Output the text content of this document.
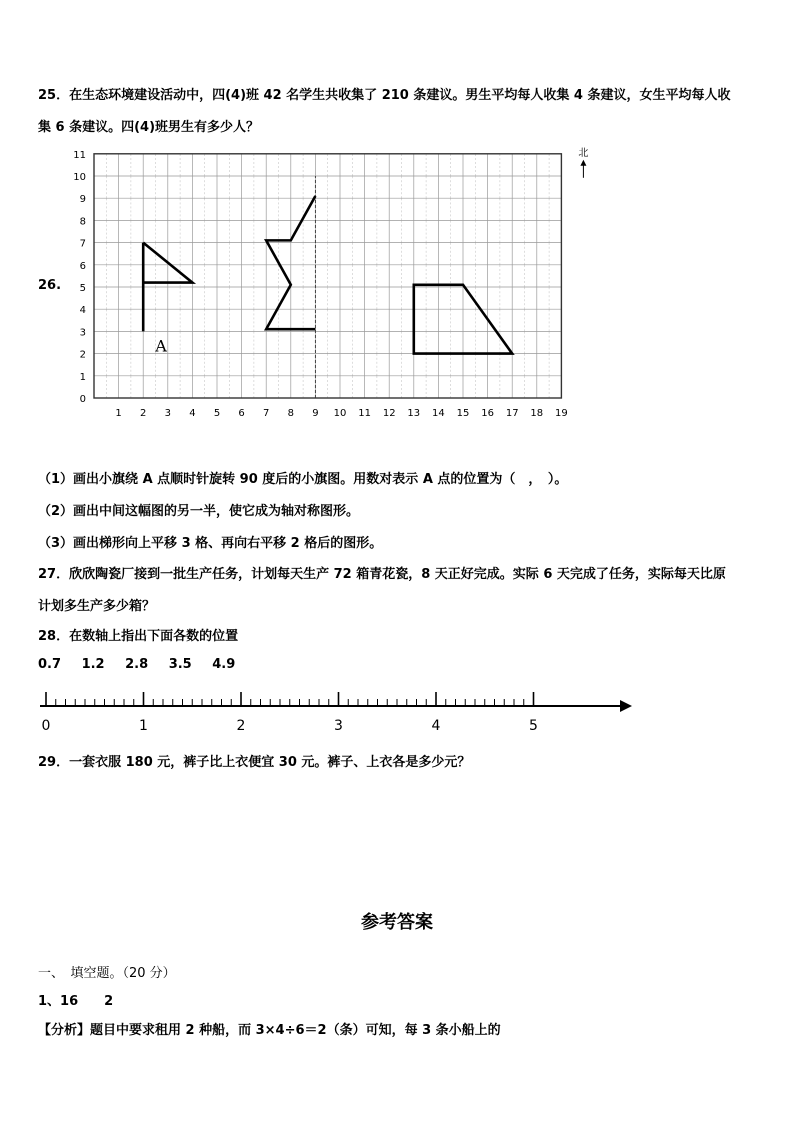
25．在生态环境建设活动中，四(4)班 42 名学生共收集了 210 条建议。男生平均每人收集 4 条建议，女生平均每人收
集 6 条建议。四(4)班男生有多少人？
26.
1 2 3 4 5 6 7 8 9 10 11 12 13 14 15 16 17 18 19
0
1
2
3
4
5
6
7
8
9
10
11	北
A
（1）画出小旗绕 A 点顺时针旋转 90 度后的小旗图。用数对表示 A 点的位置为（　，　）。
（2）画出中间这幅图的另一半，使它成为轴对称图形。
（3）画出梯形向上平移 3 格、再向右平移 2 格后的图形。
27．欣欣陶瓷厂接到一批生产任务，计划每天生产 72 箱青花瓷，8 天正好完成。实际 6 天完成了任务，实际每天比原
计划多生产多少箱？
28．在数轴上指出下面各数的位置
0.7 1.2 2.8 3.5 4.9
0	1	2	3	4	5
29．一套衣服 180 元，裤子比上衣便宜 30 元。裤子、上衣各是多少元？
参考答案
一、　填空题。（20 分）
1、16　　2
【分析】题目中要求租用 2 种船，而 3×4÷6＝2（条）可知，每 3 条小船上的
